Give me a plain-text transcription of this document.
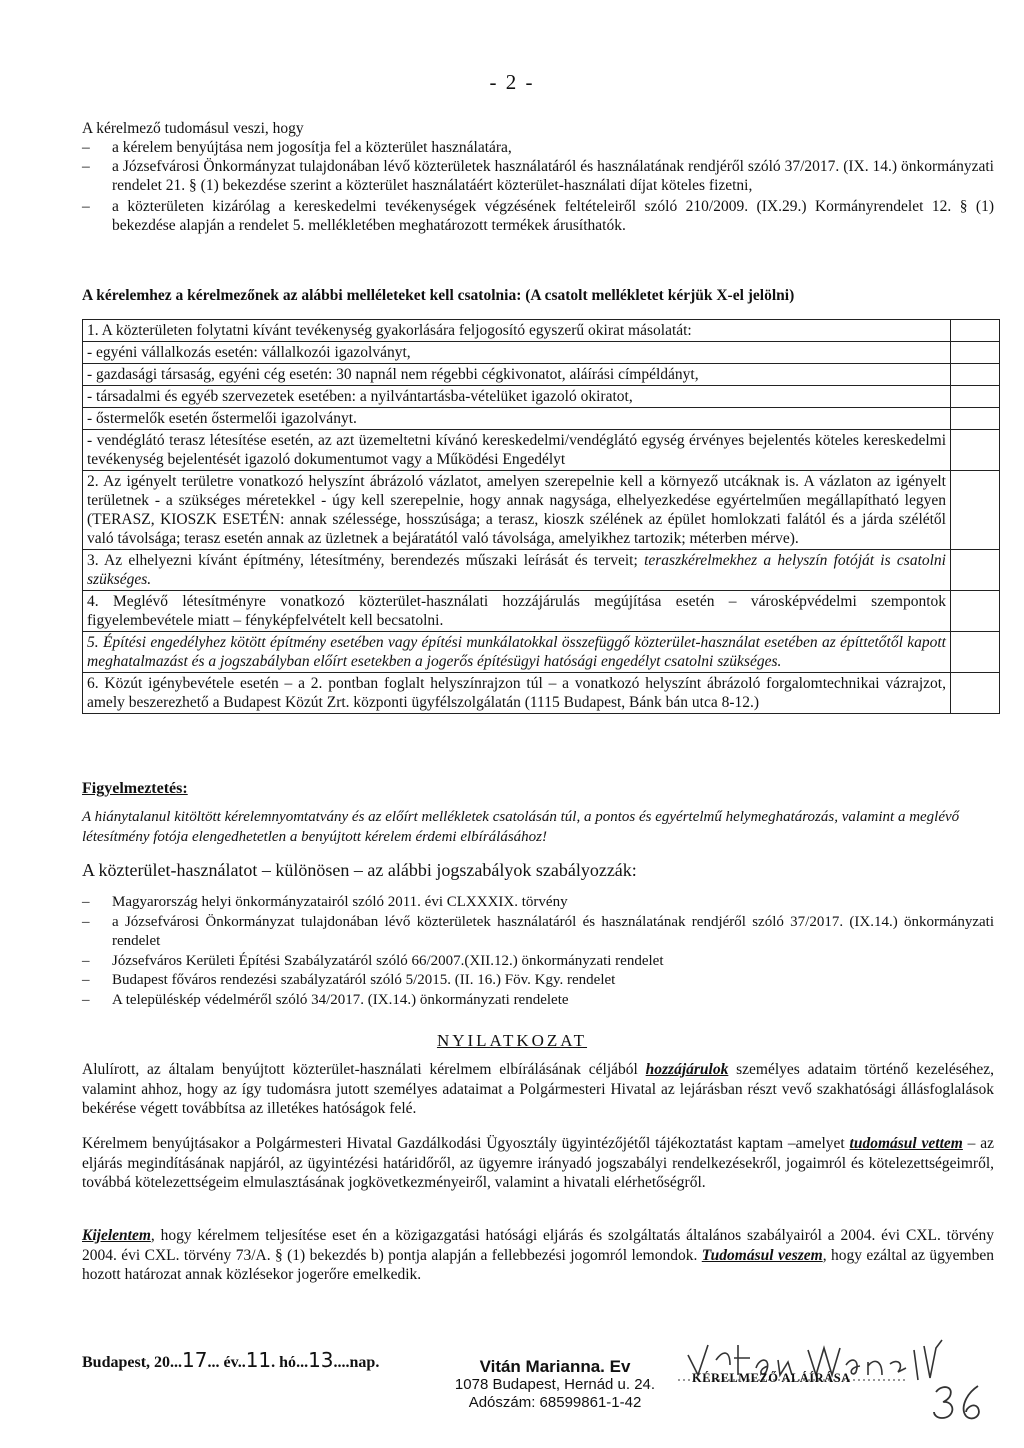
- 2 -
A kérelmező tudomásul veszi, hogy
–	a kérelem benyújtása nem jogosítja fel a közterület használatára,
–	a Józsefvárosi Önkormányzat tulajdonában lévő közterületek használatáról és használatának rendjéről szóló 37/2017. (IX. 14.) önkormányzati rendelet 21. § (1) bekezdése szerint a közterület használatáért közterület-használati díjat köteles fizetni,
–	a közterületen kizárólag a kereskedelmi tevékenységek végzésének feltételeiről szóló 210/2009. (IX.29.) Kormányrendelet 12. § (1) bekezdése alapján a rendelet 5. mellékletében meghatározott termékek árusíthatók.
A kérelemhez a kérelmezőnek az alábbi melléleteket kell csatolnia: (A csatolt mellékletet kérjük X-el jelölni)
1. A közterületen folytatni kívánt tevékenység gyakorlására feljogosító egyszerű okirat másolatát:	
- egyéni vállalkozás esetén: vállalkozói igazolványt,	
- gazdasági társaság, egyéni cég esetén: 30 napnál nem régebbi cégkivonatot, aláírási címpéldányt,	
- társadalmi és egyéb szervezetek esetében: a nyilvántartásba-vételüket igazoló okiratot,	
- őstermelők esetén őstermelői igazolványt.	
- vendéglátó terasz létesítése esetén, az azt üzemeltetni kívánó kereskedelmi/vendéglátó egység érvényes bejelentés köteles kereskedelmi tevékenység bejelentését igazoló dokumentumot vagy a Működési Engedélyt	
2. Az igényelt területre vonatkozó helyszínt ábrázoló vázlatot, amelyen szerepelnie kell a környező utcáknak is. A vázlaton az igényelt területnek - a szükséges méretekkel - úgy kell szerepelnie, hogy annak nagysága, elhelyezkedése egyértelműen megállapítható legyen (TERASZ, KIOSZK ESETÉN: annak szélessége, hosszúsága; a terasz, kioszk szélének az épület homlokzati falától és a járda szélétől való távolsága; terasz esetén annak az üzletnek a bejáratától való távolsága, amelyikhez tartozik; méterben mérve).	
3. Az elhelyezni kívánt építmény, létesítmény, berendezés műszaki leírását és terveit; teraszkérelmekhez a helyszín fotóját is csatolni szükséges.	
4. Meglévő létesítményre vonatkozó közterület-használati hozzájárulás megújítása esetén – városképvédelmi szempontok figyelembevétele miatt – fényképfelvételt kell becsatolni.	
5. Építési engedélyhez kötött építmény esetében vagy építési munkálatokkal összefüggő közterület-használat esetében az építtetőtől kapott meghatalmazást és a jogszabályban előírt esetekben a jogerős építésügyi hatósági engedélyt csatolni szükséges.	
6. Közút igénybevétele esetén – a 2. pontban foglalt helyszínrajzon túl – a vonatkozó helyszínt ábrázoló forgalomtechnikai vázrajzot, amely beszerezhető a Budapest Közút Zrt. központi ügyfélszolgálatán (1115 Budapest, Bánk bán utca 8-12.)	
Figyelmeztetés:
A hiánytalanul kitöltött kérelemnyomtatvány és az előírt mellékletek csatolásán túl, a pontos és egyértelmű helymeghatározás, valamint a meglévő létesítmény fotója elengedhetetlen a benyújtott kérelem érdemi elbírálásához!
A közterület-használatot – különösen – az alábbi jogszabályok szabályozzák:
–	Magyarország helyi önkormányzatairól szóló 2011. évi CLXXXIX. törvény
–	a Józsefvárosi Önkormányzat tulajdonában lévő közterületek használatáról és használatának rendjéről szóló 37/2017. (IX.14.) önkormányzati rendelet
–	Józsefváros Kerületi Építési Szabályzatáról szóló 66/2007.(XII.12.) önkormányzati rendelet
–	Budapest főváros rendezési szabályzatáról szóló 5/2015. (II. 16.) Föv. Kgy. rendelet
–	A településkép védelméről szóló 34/2017. (IX.14.) önkormányzati rendelete
NYILATKOZAT
Alulírott, az általam benyújtott közterület-használati kérelmem elbírálásának céljából hozzájárulok személyes adataim történő kezeléséhez, valamint ahhoz, hogy az így tudomásra jutott személyes adataimat a Polgármesteri Hivatal az lejárásban részt vevő szakhatósági állásfoglalások bekérése végett továbbítsa az illetékes hatóságok felé.
Kérelmem benyújtásakor a Polgármesteri Hivatal Gazdálkodási Ügyosztály ügyintézőjétől tájékoztatást kaptam –amelyet tudomásul vettem – az eljárás megindításának napjáról, az ügyintézési határidőről, az ügyemre irányadó jogszabályi rendelkezésekről, jogaimról és kötelezettségeimről, továbbá kötelezettségeim elmulasztásának jogkövetkezményeiről, valamint a hivatali elérhetőségről.
Kijelentem, hogy kérelmem teljesítése eset én a közigazgatási hatósági eljárás és szolgáltatás általános szabályairól a 2004. évi CXL. törvény 2004. évi CXL. törvény 73/A. § (1) bekezdés b) pontja alapján a fellebbezési jogomról lemondok. Tudomásul veszem, hogy ezáltal az ügyemben hozott határozat annak közlésekor jogerőre emelkedik.
Budapest, 20...17... év..11. hó...13....nap.	Vitán Marianna. Ev
1078 Budapest, Hernád u. 24.
Adószám: 68599861-1-42
KÉRELMEZŐ ALÁÍRÁSA
